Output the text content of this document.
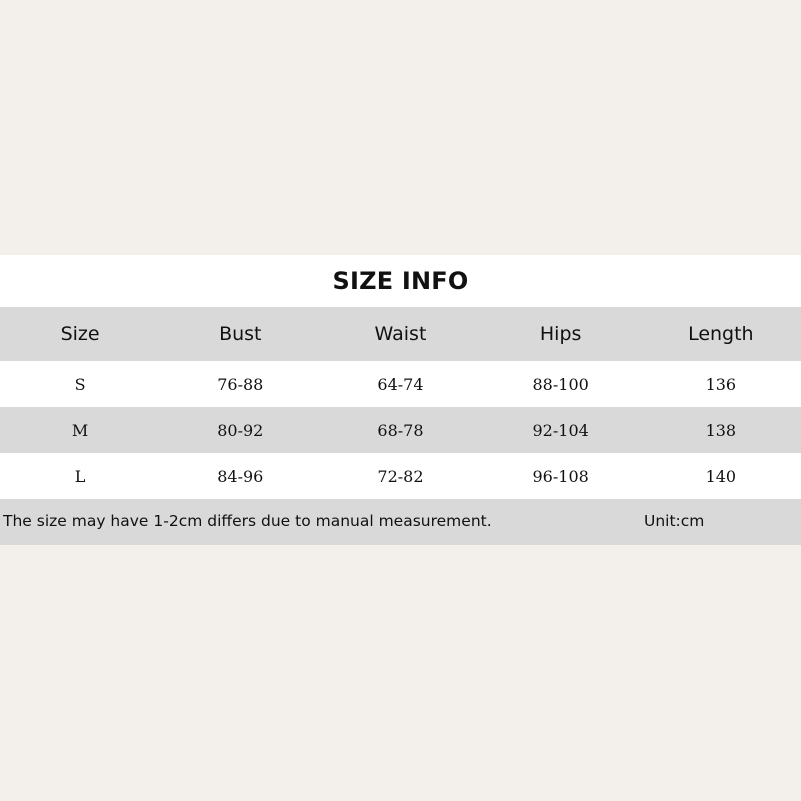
SIZE INFO
Size	Bust	Waist	Hips	Length
S	76-88	64-74	88-100	136
M	80-92	68-78	92-104	138
L	84-96	72-82	96-108	140
The size may have 1-2cm differs due to manual measurement.	Unit:cm
